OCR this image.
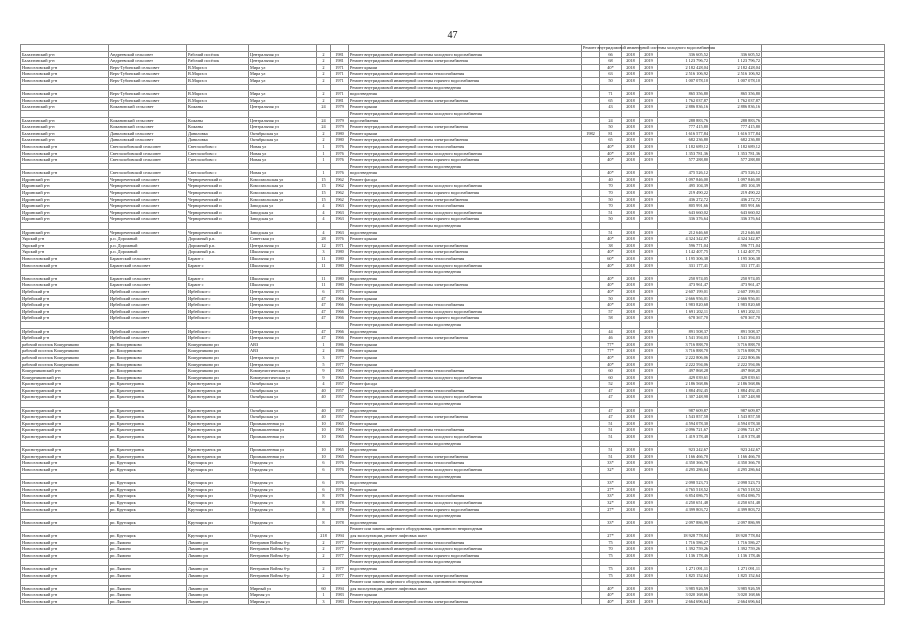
47
							Ремонт внутридомовой инженерной системы холодного водоснабжения						
Балахтинский р-н	Андреевский сельсовет	Рабочий посёлок	Центральная ул	2	1981	Ремонт внутридомовой инженерной системы холодного водоснабжения		66	2018	2019	336 605,52	336 605,52	
Балахтинский р-н	Андреевский сельсовет	Рабочий посёлок	Центральная ул	2	1981	Ремонт внутридомовой инженерной системы электроснабжения		68	2018	2019	1 123 796,72	1 123 796,72	
Новоселовский р-н	Верх-Тубинский сельсовет	В.Марга п	Мира ул	2	1971	Ремонт крыши		40*	2018	2019	2 182 428,04	2 182 428,04	
Новоселовский р-н	Верх-Тубинский сельсовет	В.Марга п	Мира ул	2	1971	Ремонт внутридомовой инженерной системы теплоснабжения		63	2018	2019	2 516 106,92	2 516 106,92	
Новоселовский р-н	Верх-Тубинский сельсовет	В.Марга п	Мира ул	2	1971	Ремонт внутридомовой инженерной системы горячего водоснабжения		50	2018	2019	1 007 078,10	1 007 078,10	
						Ремонт внутридомовой инженерной системы водоотведения							
Новоселовский р-н	Верх-Тубинский сельсовет	В.Марга п	Мира ул	2	1971	водоотведения		71	2018	2019	865 356,80	865 356,80	
Новоселовский р-н	Верх-Тубинский сельсовет	В.Марга п	Мира ул	2	1981	Ремонт внутридомовой инженерной системы электроснабжения		65	2018	2019	1 762 037,87	1 762 037,87	
Балахтинский р-н	Кожановский сельсовет	Кожаны	Центральная ул	24	1979	Ремонт крыши		43	2018	2019	2 886 836,16	2 886 836,16	
						Ремонт внутридомовой инженерной системы холодного водоснабжения							
Балахтинский р-н	Кожановский сельсовет	Кожаны	Центральная ул	24	1979	водоснабжения		24	2018	2019	288 883,76	288 883,76	
Балахтинский р-н	Кожановский сельсовет	Кожаны	Центральная ул	24	1979	Ремонт внутридомовой инженерной системы электроснабжения		50	2018	2019	777 415,80	777 415,80	
Балахтинский р-н	Даниловский сельсовет	Даниловка	Октябрьская ул	2	1980	Ремонт крыши	1982	81	2018	2019	1 616 577,84	1 616 577,84	
Балахтинский р-н	Даниловский сельсовет	Даниловка	Октябрьская ул	2	1980	Ремонт внутридомовой инженерной системы электроснабжения		65	2018	2019	682 236,80	682 236,80	
Новоселовский р-н	Светлолобовский сельсовет	Светлолобово с	Новая ул	1	1976	Ремонт внутридомовой инженерной системы теплоснабжения		40*	2018	2019	1 182 689,12	1 182 689,12	
Новоселовский р-н	Светлолобовский сельсовет	Светлолобово с	Новая ул	1	1976	Ремонт внутридомовой инженерной системы холодного водоснабжения		40*	2018	2019	1 353 781,36	1 353 781,36	
Новоселовский р-н	Светлолобовский сельсовет	Светлолобово с	Новая ул	1	1976	Ремонт внутридомовой инженерной системы горячего водоснабжения		40*	2018	2019	577 288,80	577 288,80	
						Ремонт внутридомовой инженерной системы водоотведения							
Новоселовский р-н	Светлолобовский сельсовет	Светлолобово с	Новая ул	1	1976	водоотведения		40*	2018	2019	475 526,12	475 526,12	
Идринский р-н	Чернореченский сельсовет	Чернореченский п	Комсомольская ул	15	1962	Ремонт фасада		40	2018	2019	1 097 846,00	1 097 846,00	
Идринский р-н	Чернореченский сельсовет	Чернореченский п	Комсомольская ул	15	1962	Ремонт внутридомовой инженерной системы холодного водоснабжения		70	2018	2019	495 104,39	495 104,39	
Идринский р-н	Чернореченский сельсовет	Чернореченский п	Комсомольская ул	15	1962	Ремонт внутридомовой инженерной системы горячего водоснабжения		70	2018	2019	219 490,22	219 490,22	
Идринский р-н	Чернореченский сельсовет	Чернореченский п	Комсомольская ул	15	1962	Ремонт внутридомовой инженерной системы электроснабжения		50	2018	2019	436 272,72	436 272,72	
Идринский р-н	Чернореченский сельсовет	Чернореченский п	Заводская ул	4	1963	Ремонт внутридомовой инженерной системы теплоснабжения		70	2018	2019	805 991,66	805 991,66	
Идринский р-н	Чернореченский сельсовет	Чернореченский п	Заводская ул	4	1963	Ремонт внутридомовой инженерной системы холодного водоснабжения		51	2018	2019	643 660,02	643 660,02	
Идринский р-н	Чернореченский сельсовет	Чернореченский п	Заводская ул	4	1963	Ремонт внутридомовой инженерной системы горячего водоснабжения		50	2018	2019	336 376,64	336 376,64	
						Ремонт внутридомовой инженерной системы водоотведения							
Идринский р-н	Чернореченский сельсовет	Чернореченский п	Заводская ул	4	1963	водоотведения		51	2018	2019	212 646,60	212 646,60	
Уярский р-н	р.п. Дорожный	Дорожный р.п.	Советская ул	28	1976	Ремонт крыши		40*	2018	2019	4 324 342,87	4 324 342,87	
Уярский р-н	р.п. Дорожный	Дорожный р.п.	Центральная ул	12	1971	Ремонт внутридомовой инженерной системы электроснабжения		38	2018	2019	596 771,04	596 771,04	
Уярский р-н	р.п. Дорожный	Дорожный р.п.	Школьная ул	3	1980	Ремонт внутридомовой инженерной системы электроснабжения		40*	2018	2019	1 142 407,75	1 142 407,75	
Новоселовский р-н	Бараитский сельсовет	Бараит с	Школьная ул	11	1980	Ремонт внутридомовой инженерной системы теплоснабжения		60*	2018	2019	1 195 306,38	1 195 306,38	
Новоселовский р-н	Бараитский сельсовет	Бараит с	Школьная ул	11	1980	Ремонт внутридомовой инженерной системы холодного водоснабжения		40*	2018	2019	331 177,41	331 177,41	
						Ремонт внутридомовой инженерной системы водоотведения							
Новоселовский р-н	Бараитский сельсовет	Бараит с	Школьная ул	11	1980	водоотведения		40*	2018	2019	250 974,05	250 974,05	
Новоселовский р-н	Бараитский сельсовет	Бараит с	Школьная ул	11	1980	Ремонт внутридомовой инженерной системы электроснабжения		40*	2018	2019	473 961,47	473 961,47	
Ирбейский р-н	Ирбейский сельсовет	Ирбейское с	Центральная ул	6	1973	Ремонт крыши		40*	2018	2019	2 607 199,01	2 607 199,01	
Ирбейский р-н	Ирбейский сельсовет	Ирбейское с	Центральная ул	47	1966	Ремонт крыши		50	2018	2019	2 666 956,01	2 666 956,01	
Ирбейский р-н	Ирбейский сельсовет	Ирбейское с	Центральная ул	47	1966	Ремонт внутридомовой инженерной системы теплоснабжения		40*	2018	2019	1 983 820,68	1 983 820,68	
Ирбейский р-н	Ирбейский сельсовет	Ирбейское с	Центральная ул	47	1966	Ремонт внутридомовой инженерной системы холодного водоснабжения		57	2018	2019	1 691 202,11	1 691 202,11	
Ирбейский р-н	Ирбейский сельсовет	Ирбейское с	Центральная ул	47	1966	Ремонт внутридомовой инженерной системы горячего водоснабжения		58	2018	2019	678 367,70	678 367,70	
						Ремонт внутридомовой инженерной системы водоотведения							
Ирбейский р-н	Ирбейский сельсовет	Ирбейское с	Центральная ул	47	1966	водоотведения		44	2018	2019	891 508,37	891 508,37	
Ирбейский р-н	Ирбейский сельсовет	Ирбейское с	Центральная ул	47	1966	Ремонт внутридомовой инженерной системы электроснабжения		46	2018	2019	1 541 394,03	1 541 394,03	
рабочий поселок Кошурниково	рп. Кошурниково	Кошурниково рп	АВЗ	1	1986	Ремонт крыши		77*	2018	2019	3 716 888,70	3 716 888,70	
рабочий поселок Кошурниково	рп. Кошурниково	Кошурниково рп	АВЗ	2	1986	Ремонт крыши		77*	2018	2019	3 716 888,70	3 716 888,70	
рабочий поселок Кошурниково	рп. Кошурниково	Кошурниково рп	Центральная ул	3	1977	Ремонт крыши		40*	2018	2019	2 222 806,06	2 222 806,06	
рабочий поселок Кошурниково	рп. Кошурниково	Кошурниково рп	Центральная ул	5	1977	Ремонт крыши		40*	2018	2019	2 222 594,06	2 222 594,06	
Кошурниковский р-н	рп. Кошурниково	Кошурниково рп	Коммунистическая ул	9	1965	Ремонт внутридомовой инженерной системы теплоснабжения		60	2018	2019	497 868,28	497 868,28	
Кошурниковский р-н	рп. Кошурниково	Кошурниково рп	Коммунистическая ул	9	1965	Ремонт внутридомовой инженерной системы холодного водоснабжения		60	2018	2019	429 039,61	429 039,61	
Краснотуранский р-н	рп. Краснотуранск	Краснотуранск рп	Октябрьская ул	4	1957	Ремонт фасада		52	2018	2019	2 186 568,86	2 186 568,86	
Краснотуранский р-н	рп. Краснотуранск	Краснотуранск рп	Октябрьская ул	40	1957	Ремонт внутридомовой инженерной системы теплоснабжения		47	2018	2019	1 884 492,45	1 884 492,45	
Краснотуранский р-н	рп. Краснотуранск	Краснотуранск рп	Октябрьская ул	40	1957	Ремонт внутридомовой инженерной системы холодного водоснабжения		47	2018	2019	1 307 248,98	1 307 248,98	
						Ремонт внутридомовой инженерной системы водоотведения							
Краснотуранский р-н	рп. Краснотуранск	Краснотуранск рп	Октябрьская ул	40	1957	водоотведения		47	2018	2019	987 609,87	987 609,87	
Краснотуранский р-н	рп. Краснотуранск	Краснотуранск рп	Октябрьская ул	40	1957	Ремонт внутридомовой инженерной системы электроснабжения		47	2018	2019	1 543 857,58	1 543 857,58	
Краснотуранский р-н	рп. Краснотуранск	Краснотуранск рп	Промышленная ул	10	1965	Ремонт крыши		51	2018	2019	4 594 078,30	4 594 078,30	
Краснотуранский р-н	рп. Краснотуранск	Краснотуранск рп	Промышленная ул	10	1965	Ремонт внутридомовой инженерной системы теплоснабжения		51	2018	2019	2 096 721,67	2 096 721,67	
Краснотуранский р-н	рп. Краснотуранск	Краснотуранск рп	Промышленная ул	10	1965	Ремонт внутридомовой инженерной системы холодного водоснабжения		51	2018	2019	1 419 378,48	1 419 378,48	
						Ремонт внутридомовой инженерной системы водоотведения							
Краснотуранский р-н	рп. Краснотуранск	Краснотуранск рп	Промышленная ул	10	1965	водоотведения		51	2018	2019	923 242,67	923 242,67	
Краснотуранский р-н	рп. Краснотуранск	Краснотуранск рп	Промышленная ул	10	1965	Ремонт внутридомовой инженерной системы электроснабжения		51	2018	2019	1 166 466,70	1 166 466,70	
Новоселовский р-н	рп. Крутоярск	Крутоярск рп	Отрадная ул	6	1976	Ремонт внутридомовой инженерной системы теплоснабжения		33*	2018	2019	4 350 366,70	4 350 366,70	
Новоселовский р-н	рп. Крутоярск	Крутоярск рп	Отрадная ул	6	1976	Ремонт внутридомовой инженерной системы холодного водоснабжения		32*	2018	2019	4 295 286,64	4 295 286,64	
						Ремонт внутридомовой инженерной системы водоотведения							
Новоселовский р-н	рп. Крутоярск	Крутоярск рп	Отрадная ул	6	1976	водоотведения		33*	2018	2019	2 098 523,73	2 098 523,73	
Новоселовский р-н	рп. Крутоярск	Крутоярск рп	Отрадная ул	6	1976	Ремонт крыши		27*	2018	2019	4 765 518,52	4 765 518,52	
Новоселовский р-н	рп. Крутоярск	Крутоярск рп	Отрадная ул	8	1978	Ремонт внутридомовой инженерной системы теплоснабжения		33*	2018	2019	6 854 086,75	6 854 086,75	
Новоселовский р-н	рп. Крутоярск	Крутоярск рп	Отрадная ул	8	1978	Ремонт внутридомовой инженерной системы холодного водоснабжения		32*	2018	2019	4 250 651,48	4 250 651,48	
Новоселовский р-н	рп. Крутоярск	Крутоярск рп	Отрадная ул	8	1978	Ремонт внутридомовой инженерной системы горячего водоснабжения		27*	2018	2019	4 399 803,72	4 399 803,72	
						Ремонт внутридомовой инженерной системы водоотведения							
Новоселовский р-н	рп. Крутоярск	Крутоярск рп	Отрадная ул	8	1978	водоотведения		33*	2018	2019	2 097 886,99	2 097 886,99	
						Ремонт или замена лифтового оборудования, признанного непригодным							
Новоселовский р-н	рп. Крутоярск	Крутоярск рп	Отрадная ул	218	1994	для эксплуатации, ремонт лифтовых шахт		27*	2018	2019	18 928 778,84	18 928 778,84	
Новоселовский р-н	рп. Лямино	Лямино рп	Ветеранов Войны б-р	2	1977	Ремонт внутридомовой инженерной системы теплоснабжения		75	2018	2019	1 716 586,27	1 716 586,27	
Новоселовский р-н	рп. Лямино	Лямино рп	Ветеранов Войны б-р	2	1977	Ремонт внутридомовой инженерной системы холодного водоснабжения		70	2018	2019	1 392 759,26	1 392 759,26	
Новоселовский р-н	рп. Лямино	Лямино рп	Ветеранов Войны б-р	2	1977	Ремонт внутридомовой инженерной системы горячего водоснабжения		75	2018	2019	1 136 178,46	1 136 178,46	
						Ремонт внутридомовой инженерной системы водоотведения							
Новоселовский р-н	рп. Лямино	Лямино рп	Ветеранов Войны б-р	2	1977	водоотведения		75	2018	2019	1 271 091,11	1 271 091,11	
Новоселовский р-н	рп. Лямино	Лямино рп	Ветеранов Войны б-р	2	1977	Ремонт внутридомовой инженерной системы электроснабжения		75	2018	2019	1 825 152,64	1 825 152,64	
						Ремонт или замена лифтового оборудования, признанного непригодным							
Новоселовский р-н	рп. Лямино	Лямино рп	Мирный ул	60	1994	для эксплуатации, ремонт лифтовых шахт		40*	2018	2019	3 985 926,59	3 985 926,59	
Новоселовский р-н	рп. Лямино	Лямино рп	Мирная ул	1	1983	Ремонт крыши		40*	2018	2019	3 020 168,66	3 020 168,66	
Новоселовский р-н	рп. Лямино	Лямино рп	Мирная ул	3	1983	Ремонт внутридомовой инженерной системы электроснабжения		40*	2018	2019	2 664 696,64	2 664 696,64	
